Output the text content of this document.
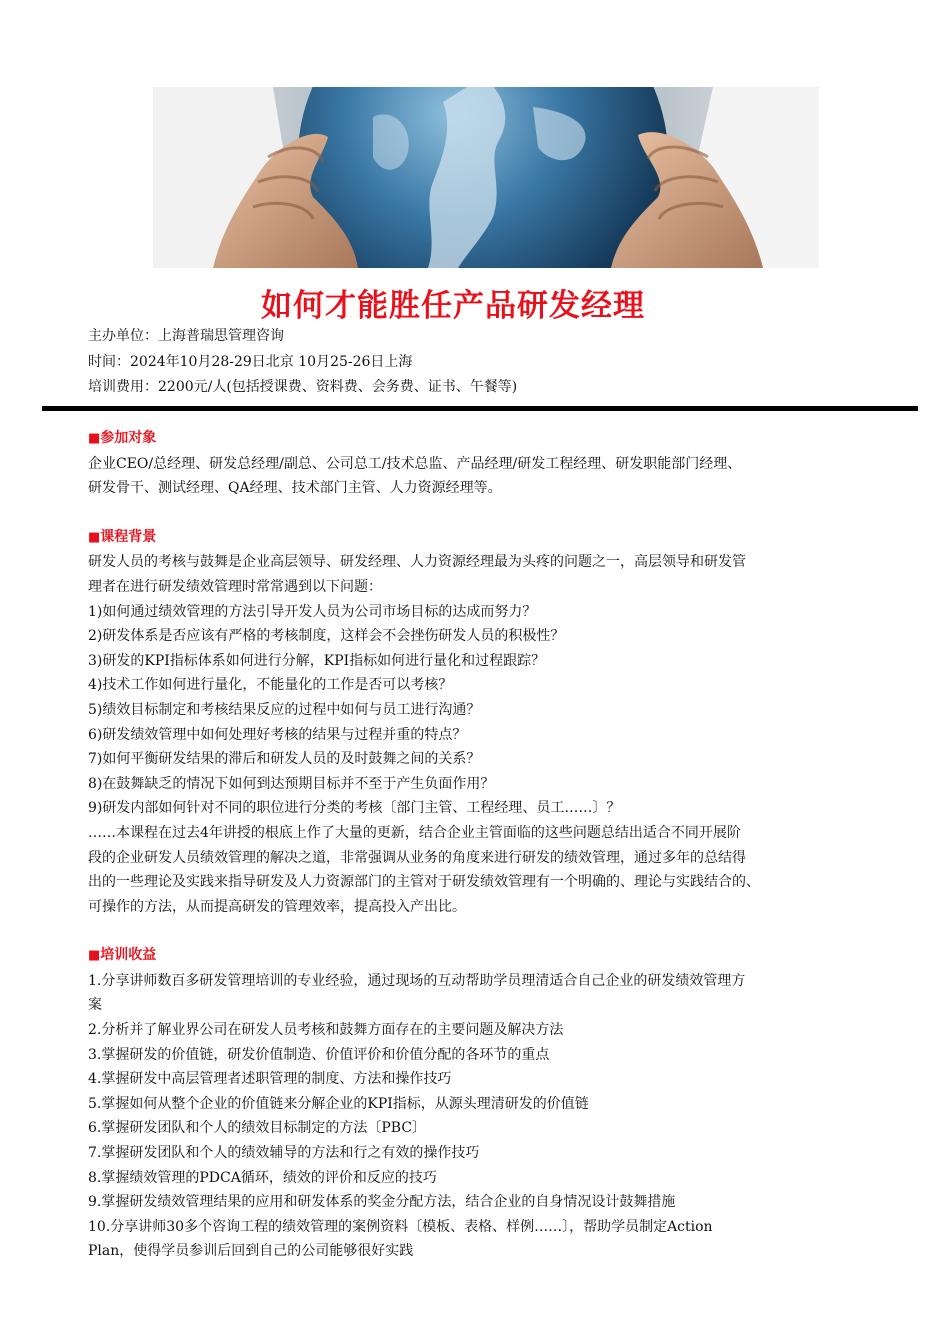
如何才能胜任产品研发经理
主办单位：上海普瑞思管理咨询
时间：2024年10月28-29日北京 10月25-26日上海
培训费用：2200元/人(包括授课费、资料费、会务费、证书、午餐等)
■参加对象

企业CEO/总经理、研发总经理/副总、公司总工/技术总监、产品经理/研发工程经理、研发职能部门经理、

研发骨干、测试经理、QA经理、技术部门主管、人力资源经理等。

■课程背景

研发人员的考核与鼓舞是企业高层领导、研发经理、人力资源经理最为头疼的问题之一，高层领导和研发管

理者在进行研发绩效管理时常常遇到以下问题：

1)如何通过绩效管理的方法引导开发人员为公司市场目标的达成而努力？

2)研发体系是否应该有严格的考核制度，这样会不会挫伤研发人员的积极性？

3)研发的KPI指标体系如何进行分解，KPI指标如何进行量化和过程跟踪？

4)技术工作如何进行量化，不能量化的工作是否可以考核？

5)绩效目标制定和考核结果反应的过程中如何与员工进行沟通？

6)研发绩效管理中如何处理好考核的结果与过程并重的特点？

7)如何平衡研发结果的滞后和研发人员的及时鼓舞之间的关系？

8)在鼓舞缺乏的情况下如何到达预期目标并不至于产生负面作用？

9)研发内部如何针对不同的职位进行分类的考核〔部门主管、工程经理、员工……〕？

……本课程在过去4年讲授的根底上作了大量的更新，结合企业主管面临的这些问题总结出适合不同开展阶

段的企业研发人员绩效管理的解决之道，非常强调从业务的角度来进行研发的绩效管理，通过多年的总结得

出的一些理论及实践来指导研发及人力资源部门的主管对于研发绩效管理有一个明确的、理论与实践结合的、

可操作的方法，从而提高研发的管理效率，提高投入产出比。

■培训收益

1.分享讲师数百多研发管理培训的专业经验，通过现场的互动帮助学员理清适合自己企业的研发绩效管理方

案

2.分析并了解业界公司在研发人员考核和鼓舞方面存在的主要问题及解决方法

3.掌握研发的价值链，研发价值制造、价值评价和价值分配的各环节的重点

4.掌握研发中高层管理者述职管理的制度、方法和操作技巧

5.掌握如何从整个企业的价值链来分解企业的KPI指标，从源头理清研发的价值链

6.掌握研发团队和个人的绩效目标制定的方法〔PBC〕

7.掌握研发团队和个人的绩效辅导的方法和行之有效的操作技巧

8.掌握绩效管理的PDCA循环，绩效的评价和反应的技巧

9.掌握研发绩效管理结果的应用和研发体系的奖金分配方法，结合企业的自身情况设计鼓舞措施

10.分享讲师30多个咨询工程的绩效管理的案例资料〔模板、表格、样例……〕，帮助学员制定Action

Plan，使得学员参训后回到自己的公司能够很好实践
